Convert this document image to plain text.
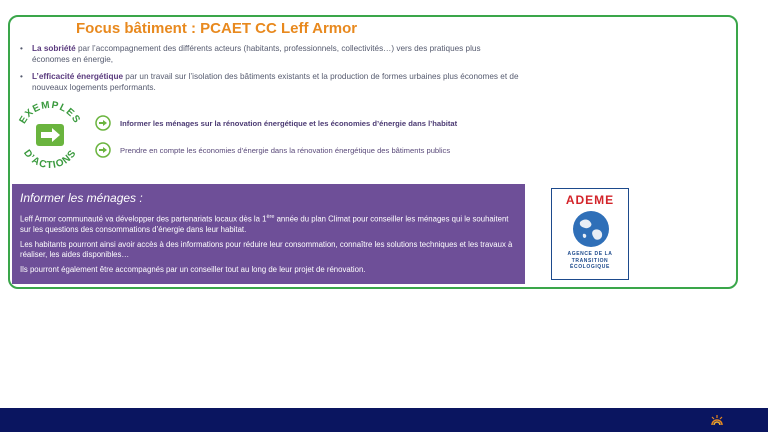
Focus bâtiment : PCAET CC Leff Armor
• La sobriété par l’accompagnement des différents acteurs (habitants, professionnels, collectivités…) vers des pratiques plus économes en énergie,
• L’efficacité énergétique par un travail sur l’isolation des bâtiments existants et la production de formes urbaines plus économes et de nouveaux logements performants.
EXEMPLES
D’ACTIONS
Informer les ménages sur la rénovation énergétique et les économies d’énergie dans l’habitat
Prendre en compte les économies d’énergie dans la rénovation énergétique des bâtiments publics
Informer les ménages :
Leff Armor communauté va développer des partenariats locaux dès la 1ère année du plan Climat pour conseiller les ménages qui le souhaitent sur les questions des consommations d’énergie dans leur habitat.
Les habitants pourront ainsi avoir accès à des informations pour réduire leur consommation, connaître les solutions techniques et les travaux à réaliser, les aides disponibles…
Ils pourront également être accompagnés par un conseiller tout au long de leur projet de rénovation.
ADEME
AGENCE DE LA
TRANSITION
ÉCOLOGIQUE
